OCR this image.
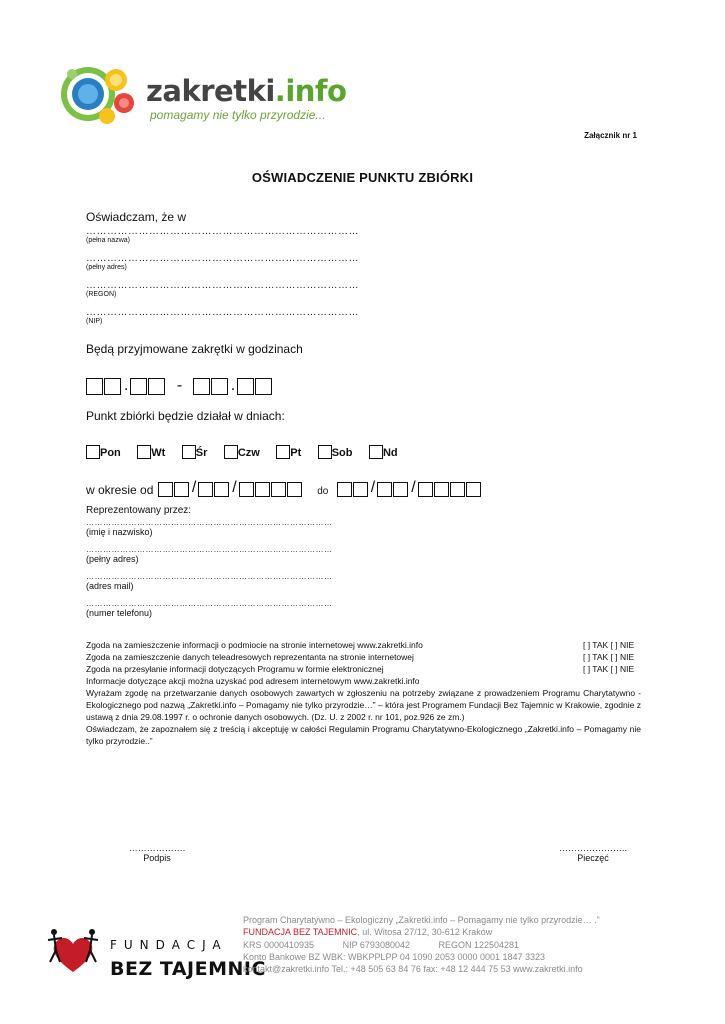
zakretki.info
pomagamy nie tylko przyrodzie...
Załącznik nr 1
OŚWIADCZENIE PUNKTU ZBIÓRKI
Oświadczam, że w
……………………………………………………………………
(pełna nazwa)
……………………………………………………………………
(pełny adres)
……………………………………………………………………
(REGON)
……………………………………………………………………
(NIP)
Będą przyjmowane zakrętki w godzinach
.	-	.
Punkt zbiórki będzie działał w dniach:
Pon	Wt	Śr	Czw	Pt	Sob	Nd
w okresie od / /	do	/ /
Reprezentowany przez:
……………………………………………………………………………
(imię i nazwisko)
……………………………………………………………………………
(pełny adres)
……………………………………………………………………………
(adres mail)
……………………………………………………………………………
(numer telefonu)
Zgoda na zamieszczenie informacji o podmiocie na stronie internetowej www.zakretki.info	[ ] TAK [ ] NIE
Zgoda na zamieszczenie danych teleadresowych reprezentanta na stronie internetowej	[ ] TAK [ ] NIE
Zgoda na przesyłanie informacji dotyczących Programu w formie elektronicznej	[ ] TAK [ ] NIE
Informacje dotyczące akcji można uzyskać pod adresem internetowym www.zakretki.info
Wyrażam zgodę na przetwarzanie danych osobowych zawartych w zgłoszeniu na potrzeby związane z prowadzeniem Programu Charytatywno - Ekologicznego pod nazwą „Zakretki.info – Pomagamy nie tylko przyrodzie…” – która jest Programem Fundacji Bez Tajemnic w Krakowie, zgodnie z ustawą z dnia 29.08.1997 r. o ochronie danych osobowych. (Dz. U. z 2002 r. nr 101, poz.926 ze zm.)
Oświadczam, że zapoznałem się z treścią i akceptuję w całości Regulamin Programu Charytatywno-Ekologicznego „Zakretki.info – Pomagamy nie tylko przyrodzie..”
……………….
Podpis
…………………..
Pieczęć
FUNDACJA
BEZ TAJEMNIC
Program Charytatywno – Ekologiczny „Zakretki.info – Pomagamy nie tylko przyrodzie… .”
FUNDACJA BEZ TAJEMNIC, ul. Witosa 27/12, 30-612 Kraków
KRS 0000410935	NIP 6793080042	REGON 122504281
Konto Bankowe BZ WBK: WBKPPLPP 04 1090 2053 0000 0001 1847 3323
kontakt@zakretki.info Tel.: +48 505 63 84 76 fax: +48 12 444 75 53 www.zakretki.info
